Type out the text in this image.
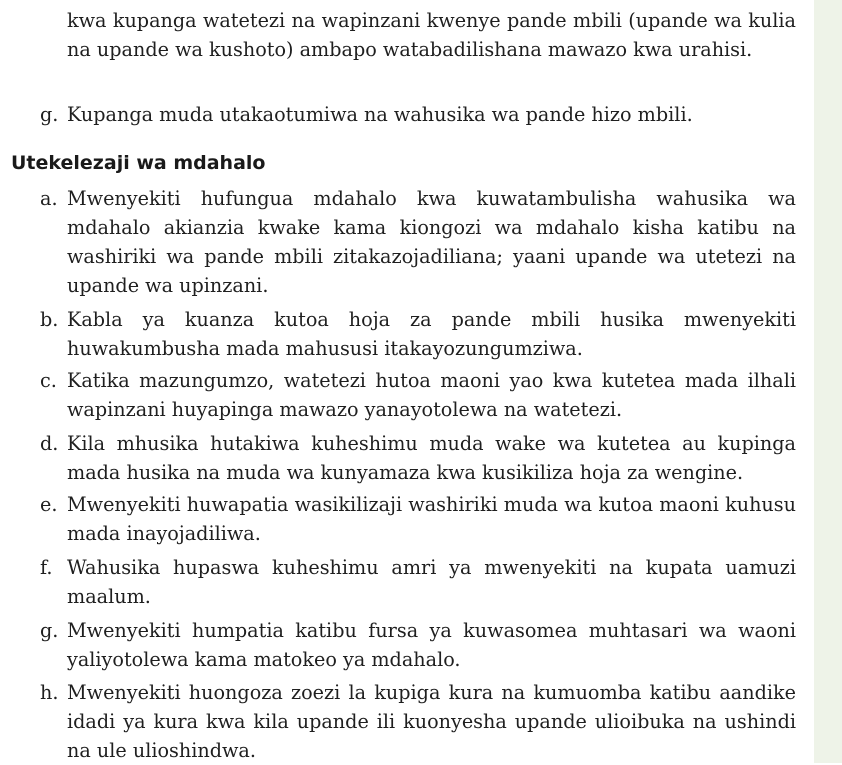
kwa kupanga watetezi na wapinzani kwenye pande mbili (upande wa kulia na upande wa kushoto) ambapo watabadilishana mawazo kwa urahisi.

g. Kupanga muda utakaotumiwa na wahusika wa pande hizo mbili.

Utekelezaji wa mdahalo
a. Mwenyekiti hufungua mdahalo kwa kuwatambulisha wahusika wa mdahalo akianzia kwake kama kiongozi wa mdahalo kisha katibu na washiriki wa pande mbili zitakazojadiliana; yaani upande wa utetezi na upande wa upinzani.

b. Kabla ya kuanza kutoa hoja za pande mbili husika mwenyekiti huwakumbusha mada mahususi itakayozungumziwa.

c. Katika mazungumzo, watetezi hutoa maoni yao kwa kutetea mada ilhali wapinzani huyapinga mawazo yanayotolewa na watetezi.

d. Kila mhusika hutakiwa kuheshimu muda wake wa kutetea au kupinga mada husika na muda wa kunyamaza kwa kusikiliza hoja za wengine.

e. Mwenyekiti huwapatia wasikilizaji washiriki muda wa kutoa maoni kuhusu mada inayojadiliwa.

f. Wahusika hupaswa kuheshimu amri ya mwenyekiti na kupata uamuzi maalum.

g. Mwenyekiti humpatia katibu fursa ya kuwasomea muhtasari wa waoni yaliyotolewa kama matokeo ya mdahalo.

h. Mwenyekiti huongoza zoezi la kupiga kura na kumuomba katibu aandike idadi ya kura kwa kila upande ili kuonyesha upande ulioibuka na ushindi na ule ulioshindwa.
